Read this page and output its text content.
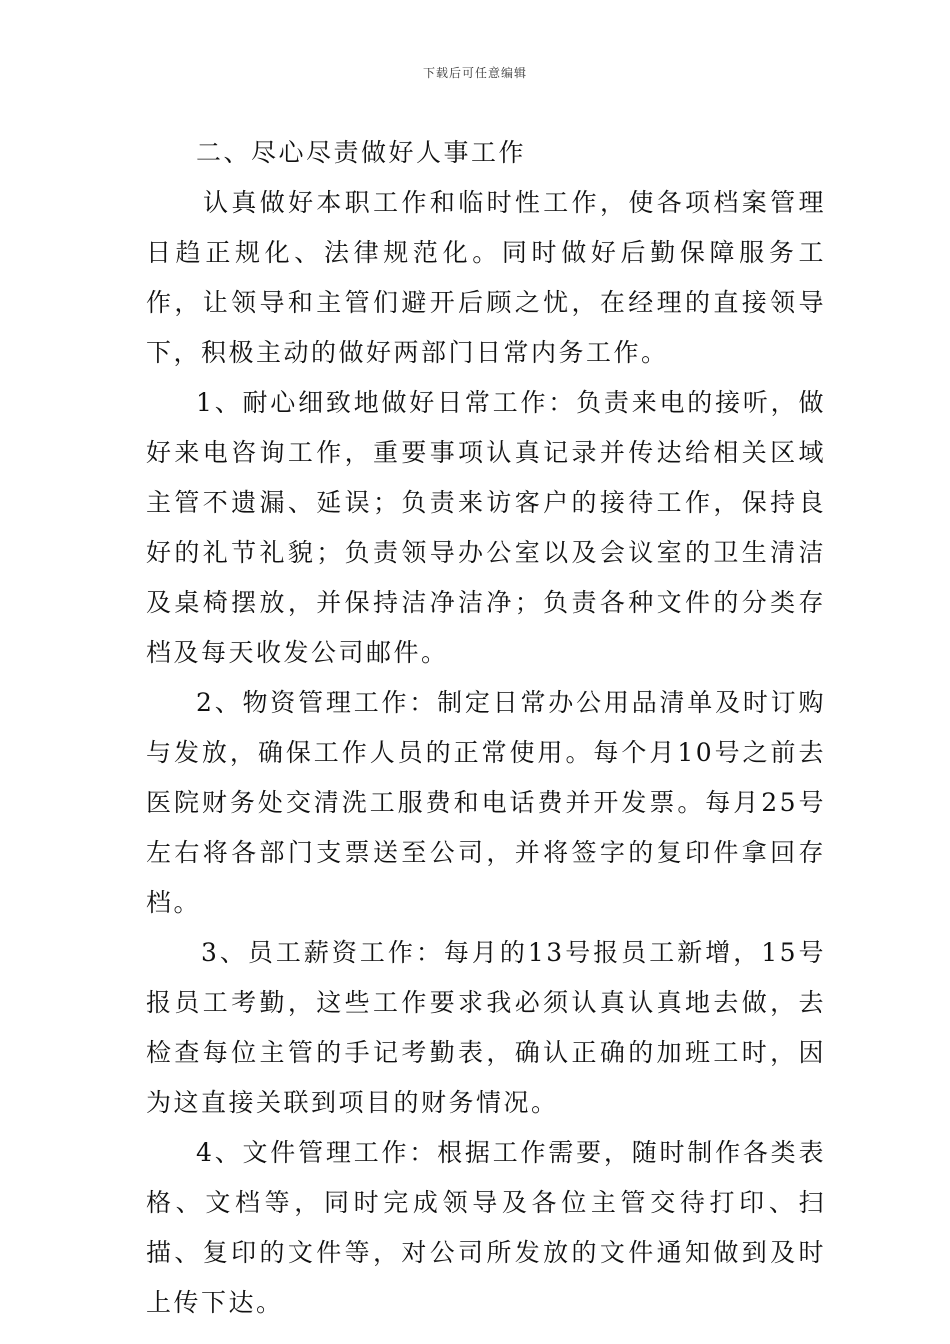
下载后可任意编辑

二、尽心尽责做好人事工作

认真做好本职工作和临时性工作，使各项档案管理日趋正规化、法律规范化。同时做好后勤保障服务工作，让领导和主管们避开后顾之忧，在经理的直接领导下，积极主动的做好两部门日常内务工作。

1、耐心细致地做好日常工作：负责来电的接听，做好来电咨询工作，重要事项认真记录并传达给相关区域主管不遗漏、延误；负责来访客户的接待工作，保持良好的礼节礼貌；负责领导办公室以及会议室的卫生清洁及桌椅摆放，并保持洁净洁净；负责各种文件的分类存档及每天收发公司邮件。

2、物资管理工作：制定日常办公用品清单及时订购与发放，确保工作人员的正常使用。每个月10号之前去医院财务处交清洗工服费和电话费并开发票。每月25号左右将各部门支票送至公司，并将签字的复印件拿回存档。

3、员工薪资工作：每月的13号报员工新增，15号报员工考勤，这些工作要求我必须认真认真地去做，去检查每位主管的手记考勤表，确认正确的加班工时，因为这直接关联到项目的财务情况。

4、文件管理工作：根据工作需要，随时制作各类表格、文档等，同时完成领导及各位主管交待打印、扫描、复印的文件等，对公司所发放的文件通知做到及时上传下达。
